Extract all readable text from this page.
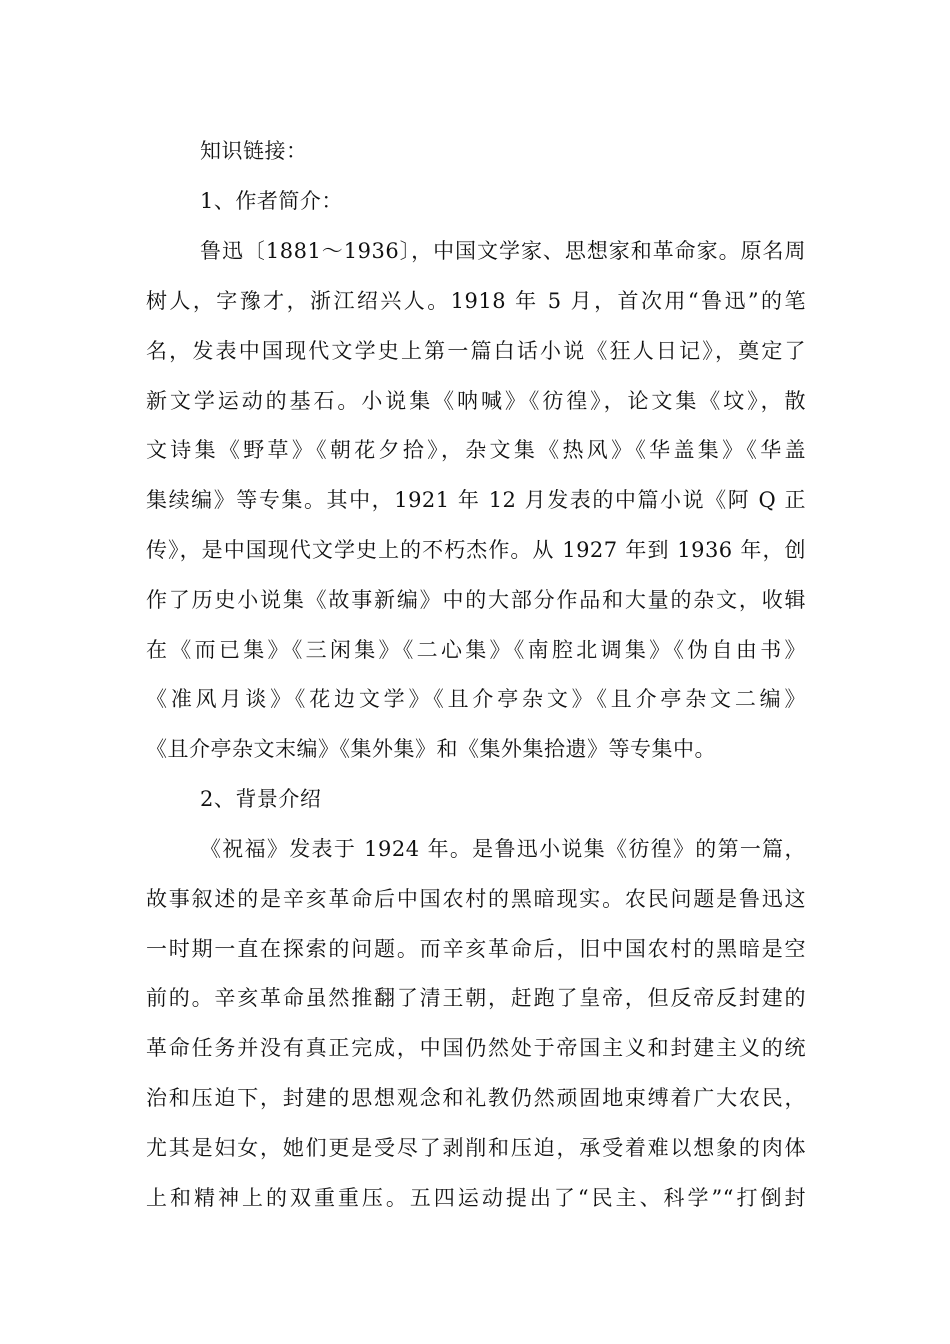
知识链接：
1、作者简介：
鲁迅〔1881～1936〕，中国文学家、思想家和革命家。原名周
树人，字豫才，浙江绍兴人。1918 年 5 月，首次用“鲁迅”的笔
名，发表中国现代文学史上第一篇白话小说《狂人日记》，奠定了
新文学运动的基石。小说集《呐喊》《彷徨》，论文集《坟》，散
文诗集《野草》《朝花夕拾》，杂文集《热风》《华盖集》《华盖
集续编》等专集。其中，1921 年 12 月发表的中篇小说《阿 Q 正
传》，是中国现代文学史上的不朽杰作。从 1927 年到 1936 年，创
作了历史小说集《故事新编》中的大部分作品和大量的杂文，收辑
在《而已集》《三闲集》《二心集》《南腔北调集》《伪自由书》
《准风月谈》《花边文学》《且介亭杂文》《且介亭杂文二编》
《且介亭杂文末编》《集外集》和《集外集拾遗》等专集中。
2、背景介绍
《祝福》发表于 1924 年。是鲁迅小说集《彷徨》的第一篇，
故事叙述的是辛亥革命后中国农村的黑暗现实。农民问题是鲁迅这
一时期一直在探索的问题。而辛亥革命后，旧中国农村的黑暗是空
前的。辛亥革命虽然推翻了清王朝，赶跑了皇帝，但反帝反封建的
革命任务并没有真正完成，中国仍然处于帝国主义和封建主义的统
治和压迫下，封建的思想观念和礼教仍然顽固地束缚着广大农民，
尤其是妇女，她们更是受尽了剥削和压迫，承受着难以想象的肉体
上和精神上的双重重压。五四运动提出了“民主、科学”“打倒封
